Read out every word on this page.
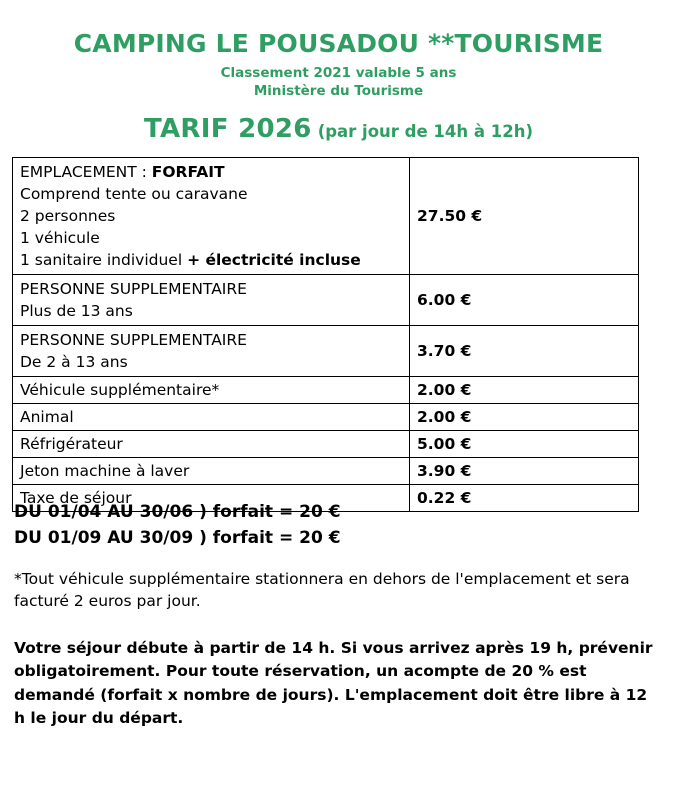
CAMPING LE POUSADOU **TOURISME
Classement 2021 valable 5 ans
Ministère du Tourisme
TARIF 2026 (par jour de 14h à 12h)
EMPLACEMENT : FORFAIT
Comprend tente ou caravane
2 personnes
1 véhicule
1 sanitaire individuel + électricité incluse	27.50 €

PERSONNE SUPPLEMENTAIRE
Plus de 13 ans	6.00 €

PERSONNE SUPPLEMENTAIRE
De 2 à 13 ans	3.70 €

Véhicule supplémentaire*	2.00 €

Animal	2.00 €

Réfrigérateur	5.00 €

Jeton machine à laver	3.90 €

Taxe de séjour	0.22 €
DU 01/04 AU 30/06 ) forfait = 20 €
DU 01/09 AU 30/09 ) forfait = 20 €
*Tout véhicule supplémentaire stationnera en dehors de l'emplacement et sera facturé 2 euros par jour.
Votre séjour débute à partir de 14 h. Si vous arrivez après 19 h, prévenir obligatoirement. Pour toute réservation, un acompte de 20 % est demandé (forfait x nombre de jours). L'emplacement doit être libre à 12 h le jour du départ.
